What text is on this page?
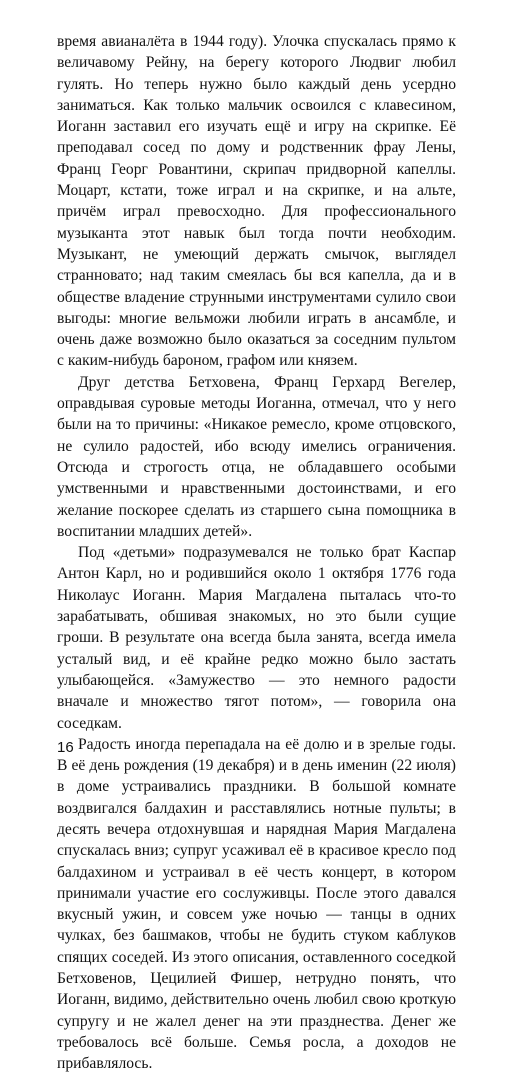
время авианалёта в 1944 году). Улочка спускалась прямо к величавому Рейну, на берегу которого Людвиг любил гулять. Но теперь нужно было каждый день усердно заниматься. Как только мальчик освоился с клавесином, Иоганн заставил его изучать ещё и игру на скрипке. Её преподавал сосед по дому и родственник фрау Лены, Франц Георг Ровантини, скрипач придворной капеллы. Моцарт, кстати, тоже играл и на скрипке, и на альте, причём играл превосходно. Для профессионального музыканта этот навык был тогда почти необходим. Музыкант, не умеющий держать смычок, выглядел странновато; над таким смеялась бы вся капелла, да и в обществе владение струнными инструментами сулило свои выгоды: многие вельможи любили играть в ансамбле, и очень даже возможно было оказаться за соседним пультом с каким-нибудь бароном, графом или князем.

Друг детства Бетховена, Франц Герхард Вегелер, оправдывая суровые методы Иоганна, отмечал, что у него были на то причины: «Никакое ремесло, кроме отцовского, не сулило радостей, ибо всюду имелись ограничения. Отсюда и строгость отца, не обладавшего особыми умственными и нравственными достоинствами, и его желание поскорее сделать из старшего сына помощника в воспитании младших детей».

Под «детьми» подразумевался не только брат Каспар Антон Карл, но и родившийся около 1 октября 1776 года Николаус Иоганн. Мария Магдалена пыталась что-то зарабатывать, обшивая знакомых, но это были сущие гроши. В результате она всегда была занята, всегда имела усталый вид, и её крайне редко можно было застать улыбающейся. «Замужество — это немного радости вначале и множество тягот потом», — говорила она соседкам.

Радость иногда перепадала на её долю и в зрелые годы. В её день рождения (19 декабря) и в день именин (22 июля) в доме устраивались праздники. В большой комнате воздвигался балдахин и расставлялись нотные пульты; в десять вечера отдохнувшая и нарядная Мария Магдалена спускалась вниз; супруг усаживал её в красивое кресло под балдахином и устраивал в её честь концерт, в котором принимали участие его сослуживцы. После этого давался вкусный ужин, и совсем уже ночью — танцы в одних чулках, без башмаков, чтобы не будить стуком каблуков спящих соседей. Из этого описания, оставленного соседкой Бетховенов, Цецилией Фишер, нетрудно понять, что Иоганн, видимо, действительно очень любил свою кроткую супругу и не жалел денег на эти празднества. Денег же требовалось всё больше. Семья росла, а доходов не прибавлялось.

16
